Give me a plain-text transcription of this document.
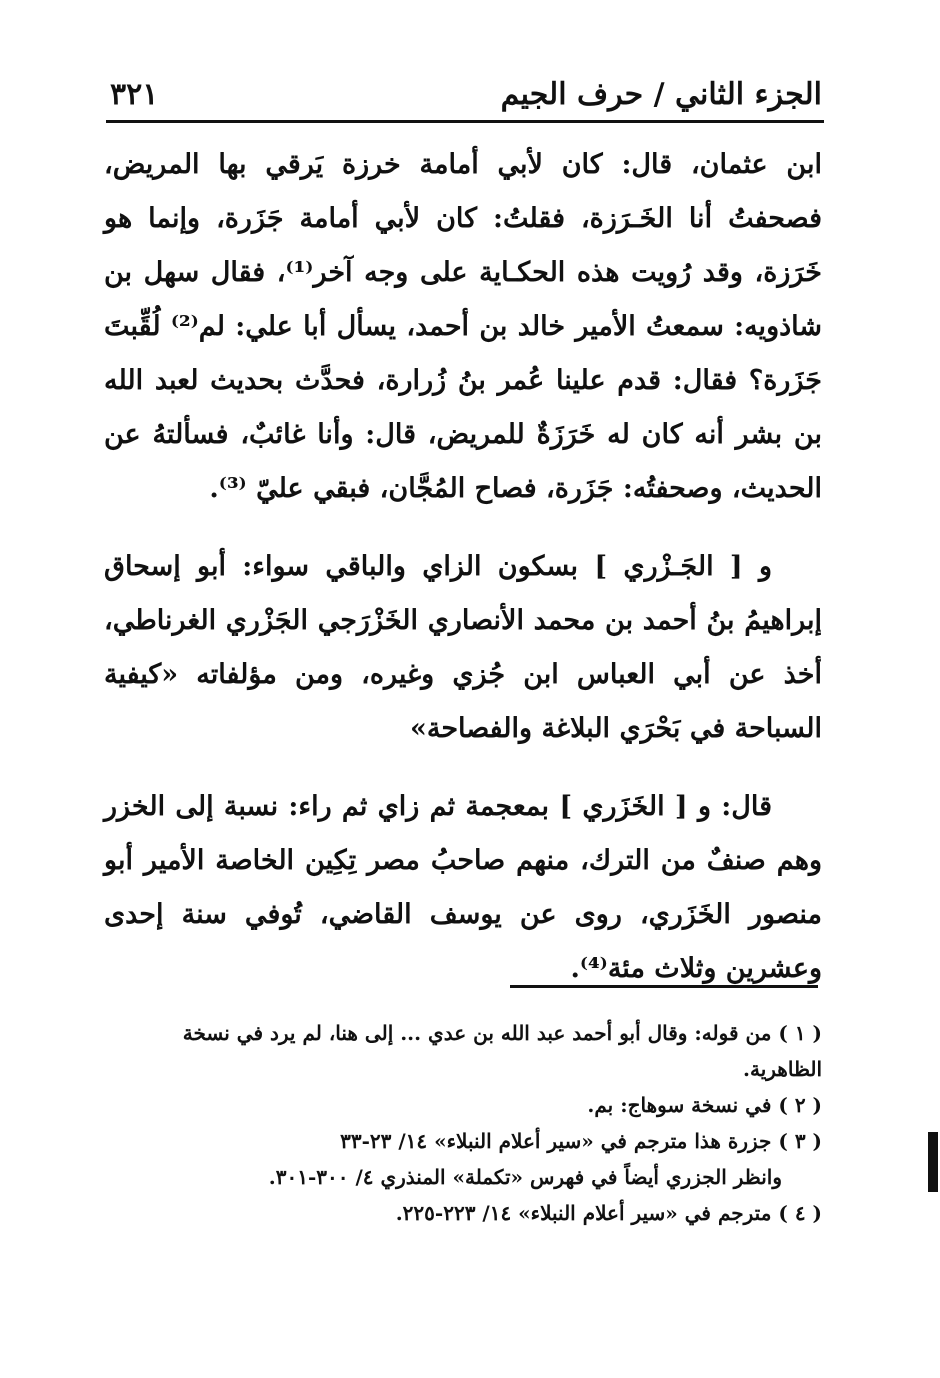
الجزء الثاني / حرف الجيم
٣٢١

ابن عثمان، قال: كان لأبي أمامة خرزة يَرقي بها المريض، فصحفتُ أنا الخَـرَزة، فقلتُ: كان لأبي أمامة جَزَرة، وإنما هو خَرَزة، وقد رُويت هذه الحكـاية على وجه آخر⁽¹⁾، فقال سهل بن شاذويه: سمعتُ الأمير خالد بن أحمد، يسأل أبا علي: لم⁽²⁾ لُقِّبتَ جَزَرة؟ فقال: قدم علينا عُمر بنُ زُرارة، فحدَّث بحديث لعبد الله بن بشر أنه كان له خَرَزَةٌ للمريض، قال: وأنا غائبٌ، فسألتهُ عن الحديث، وصحفتُه: جَزَرة، فصاح المُجَّان، فبقي عليّ ⁽³⁾.

و [ الجَـزْري ] بسكون الزاي والباقي سواء: أبو إسحاق إبراهيمُ بنُ أحمد بن محمد الأنصاري الخَزْرَجي الجَزْري الغرناطي، أخذ عن أبي العباس ابن جُزي وغيره، ومن مؤلفاته «كيفية السباحة في بَحْرَي البلاغة والفصاحة»

قال: و [ الخَزَري ] بمعجمة ثم زاي ثم راء: نسبة إلى الخزر وهم صنفٌ من الترك، منهم صاحبُ مصر تِكِين الخاصة الأمير أبو منصور الخَزَري، روى عن يوسف القاضي، تُوفي سنة إحدى وعشرين وثلاث مئة⁽⁴⁾.

( ١ ) من قوله: وقال أبو أحمد عبد الله بن عدي ... إلى هنا، لم يرد في نسخة الظاهرية.

( ٢ ) في نسخة سوهاج: بم.

( ٣ ) جزرة هذا مترجم في «سير أعلام النبلاء» ١٤/ ٢٣-٣٣

وانظر الجزري أيضاً في فهرس «تكملة» المنذري ٤/ ٣٠٠-٣٠١.

( ٤ ) مترجم في «سير أعلام النبلاء» ١٤/ ٢٢٣-٢٢٥.
